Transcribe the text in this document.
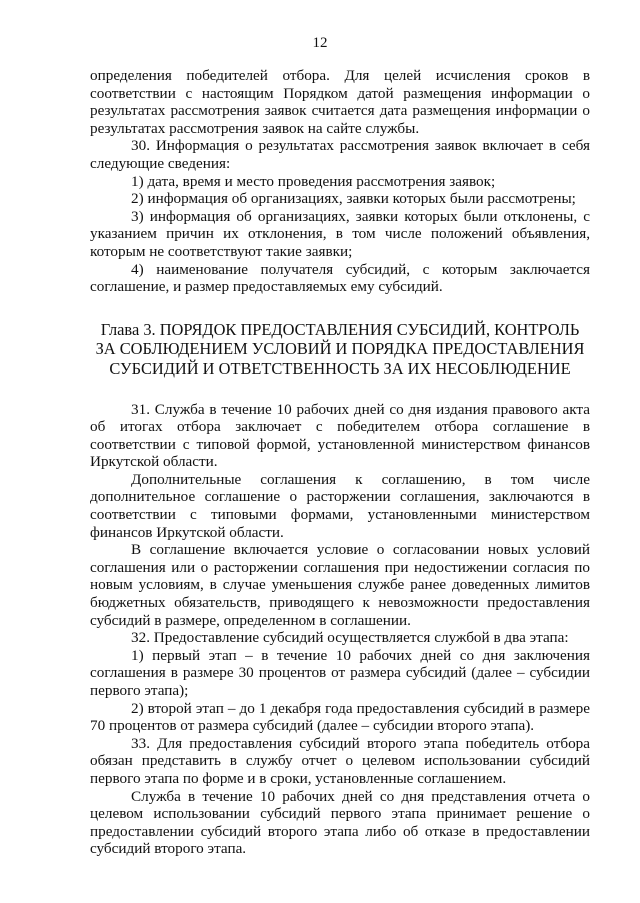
12

определения победителей отбора. Для целей исчисления сроков в соответствии с настоящим Порядком датой размещения информации о результатах рассмотрения заявок считается дата размещения информации о результатах рассмотрения заявок на сайте службы.

30. Информация о результатах рассмотрения заявок включает в себя следующие сведения:

1) дата, время и место проведения рассмотрения заявок;

2) информация об организациях, заявки которых были рассмотрены;

3) информация об организациях, заявки которых были отклонены, с указанием причин их отклонения, в том числе положений объявления, которым не соответствуют такие заявки;

4) наименование получателя субсидий, с которым заключается соглашение, и размер предоставляемых ему субсидий.

Глава 3. ПОРЯДОК ПРЕДОСТАВЛЕНИЯ СУБСИДИЙ, КОНТРОЛЬ ЗА СОБЛЮДЕНИЕМ УСЛОВИЙ И ПОРЯДКА ПРЕДОСТАВЛЕНИЯ СУБСИДИЙ И ОТВЕТСТВЕННОСТЬ ЗА ИХ НЕСОБЛЮДЕНИЕ

31. Служба в течение 10 рабочих дней со дня издания правового акта об итогах отбора заключает с победителем отбора соглашение в соответствии с типовой формой, установленной министерством финансов Иркутской области.

Дополнительные соглашения к соглашению, в том числе дополнительное соглашение о расторжении соглашения, заключаются в соответствии с типовыми формами, установленными министерством финансов Иркутской области.

В соглашение включается условие о согласовании новых условий соглашения или о расторжении соглашения при недостижении согласия по новым условиям, в случае уменьшения службе ранее доведенных лимитов бюджетных обязательств, приводящего к невозможности предоставления субсидий в размере, определенном в соглашении.

32. Предоставление субсидий осуществляется службой в два этапа:

1) первый этап – в течение 10 рабочих дней со дня заключения соглашения в размере 30 процентов от размера субсидий (далее – субсидии первого этапа);

2) второй этап – до 1 декабря года предоставления субсидий в размере 70 процентов от размера субсидий (далее – субсидии второго этапа).

33. Для предоставления субсидий второго этапа победитель отбора обязан представить в службу отчет о целевом использовании субсидий первого этапа по форме и в сроки, установленные соглашением.

Служба в течение 10 рабочих дней со дня представления отчета о целевом использовании субсидий первого этапа принимает решение о предоставлении субсидий второго этапа либо об отказе в предоставлении субсидий второго этапа.
